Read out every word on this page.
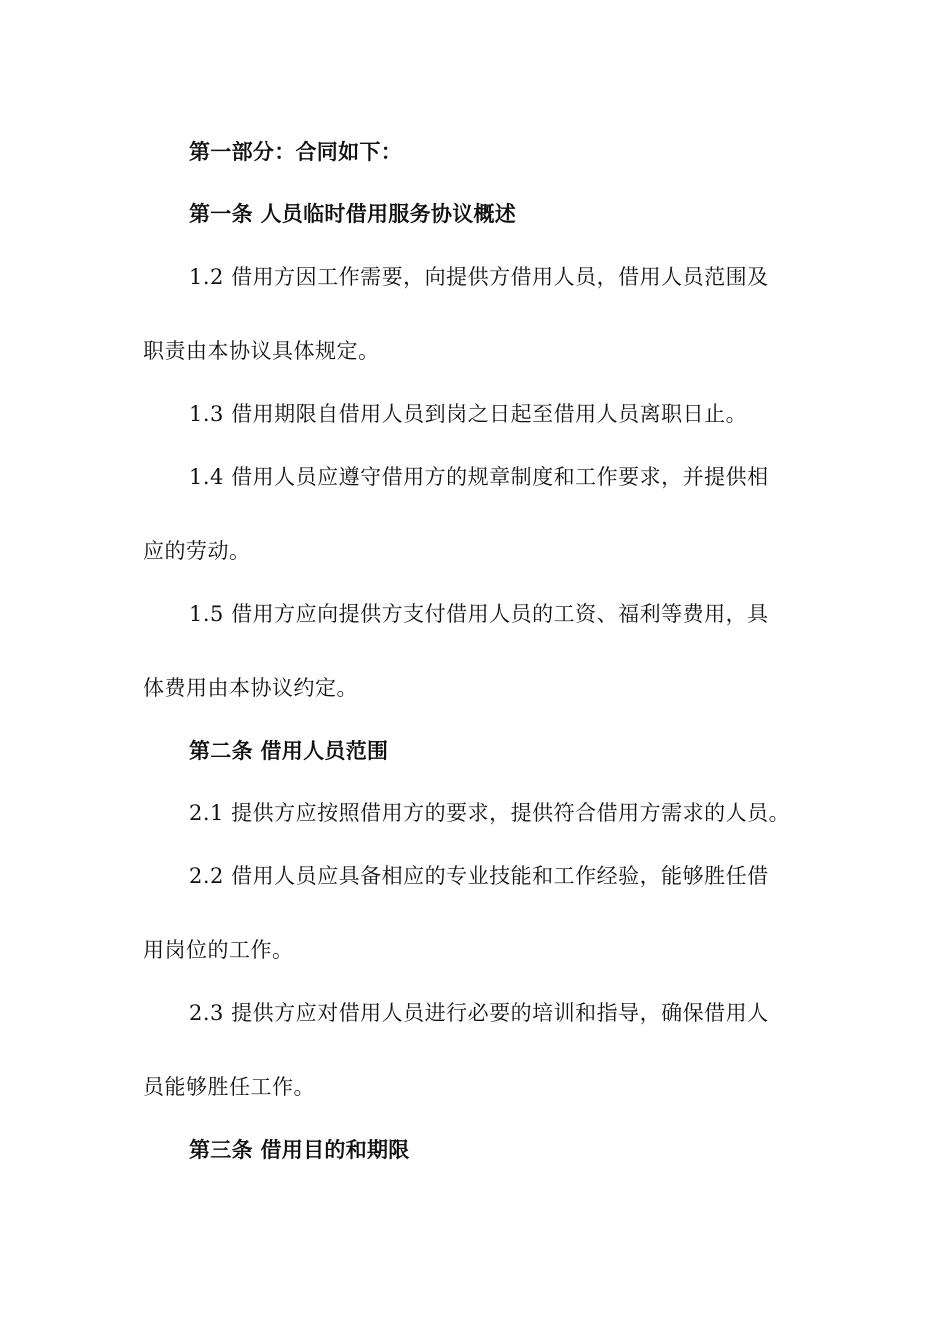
第一部分：合同如下：
第一条 人员临时借用服务协议概述
1.2 借用方因工作需要，向提供方借用人员，借用人员范围及
职责由本协议具体规定。
1.3 借用期限自借用人员到岗之日起至借用人员离职日止。
1.4 借用人员应遵守借用方的规章制度和工作要求，并提供相
应的劳动。
1.5 借用方应向提供方支付借用人员的工资、福利等费用，具
体费用由本协议约定。
第二条 借用人员范围
2.1 提供方应按照借用方的要求，提供符合借用方需求的人员。
2.2 借用人员应具备相应的专业技能和工作经验，能够胜任借
用岗位的工作。
2.3 提供方应对借用人员进行必要的培训和指导，确保借用人
员能够胜任工作。
第三条 借用目的和期限
